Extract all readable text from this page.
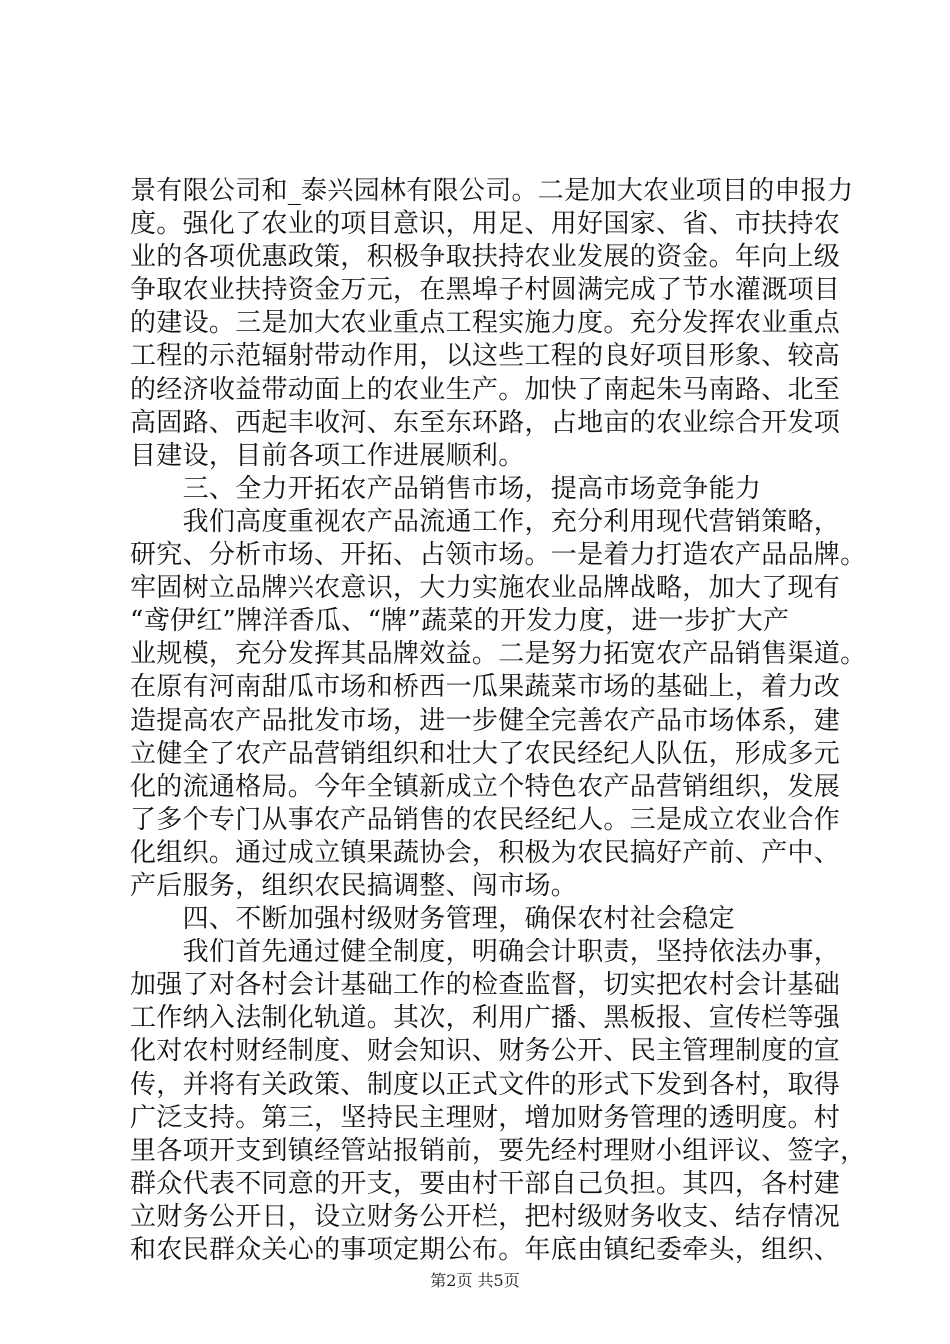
景有限公司和_泰兴园林有限公司。二是加大农业项目的申报力
度。强化了农业的项目意识，用足、用好国家、省、市扶持农
业的各项优惠政策，积极争取扶持农业发展的资金。年向上级
争取农业扶持资金万元，在黑埠子村圆满完成了节水灌溉项目
的建设。三是加大农业重点工程实施力度。充分发挥农业重点
工程的示范辐射带动作用，以这些工程的良好项目形象、较高
的经济收益带动面上的农业生产。加快了南起朱马南路、北至
高固路、西起丰收河、东至东环路，占地亩的农业综合开发项
目建设，目前各项工作进展顺利。
　　三、全力开拓农产品销售市场，提高市场竞争能力
　　我们高度重视农产品流通工作，充分利用现代营销策略，
研究、分析市场、开拓、占领市场。一是着力打造农产品品牌。
牢固树立品牌兴农意识，大力实施农业品牌战略，加大了现有
“鸢伊红”牌洋香瓜、“牌”蔬菜的开发力度，进一步扩大产
业规模，充分发挥其品牌效益。二是努力拓宽农产品销售渠道。
在原有河南甜瓜市场和桥西一瓜果蔬菜市场的基础上，着力改
造提高农产品批发市场，进一步健全完善农产品市场体系，建
立健全了农产品营销组织和壮大了农民经纪人队伍，形成多元
化的流通格局。今年全镇新成立个特色农产品营销组织，发展
了多个专门从事农产品销售的农民经纪人。三是成立农业合作
化组织。通过成立镇果蔬协会，积极为农民搞好产前、产中、
产后服务，组织农民搞调整、闯市场。
　　四、不断加强村级财务管理，确保农村社会稳定
　　我们首先通过健全制度，明确会计职责，坚持依法办事，
加强了对各村会计基础工作的检查监督，切实把农村会计基础
工作纳入法制化轨道。其次，利用广播、黑板报、宣传栏等强
化对农村财经制度、财会知识、财务公开、民主管理制度的宣
传，并将有关政策、制度以正式文件的形式下发到各村，取得
广泛支持。第三，坚持民主理财，增加财务管理的透明度。村
里各项开支到镇经管站报销前，要先经村理财小组评议、签字，
群众代表不同意的开支，要由村干部自己负担。其四，各村建
立财务公开日，设立财务公开栏，把村级财务收支、结存情况
和农民群众关心的事项定期公布。年底由镇纪委牵头，组织、
第2页 共5页
